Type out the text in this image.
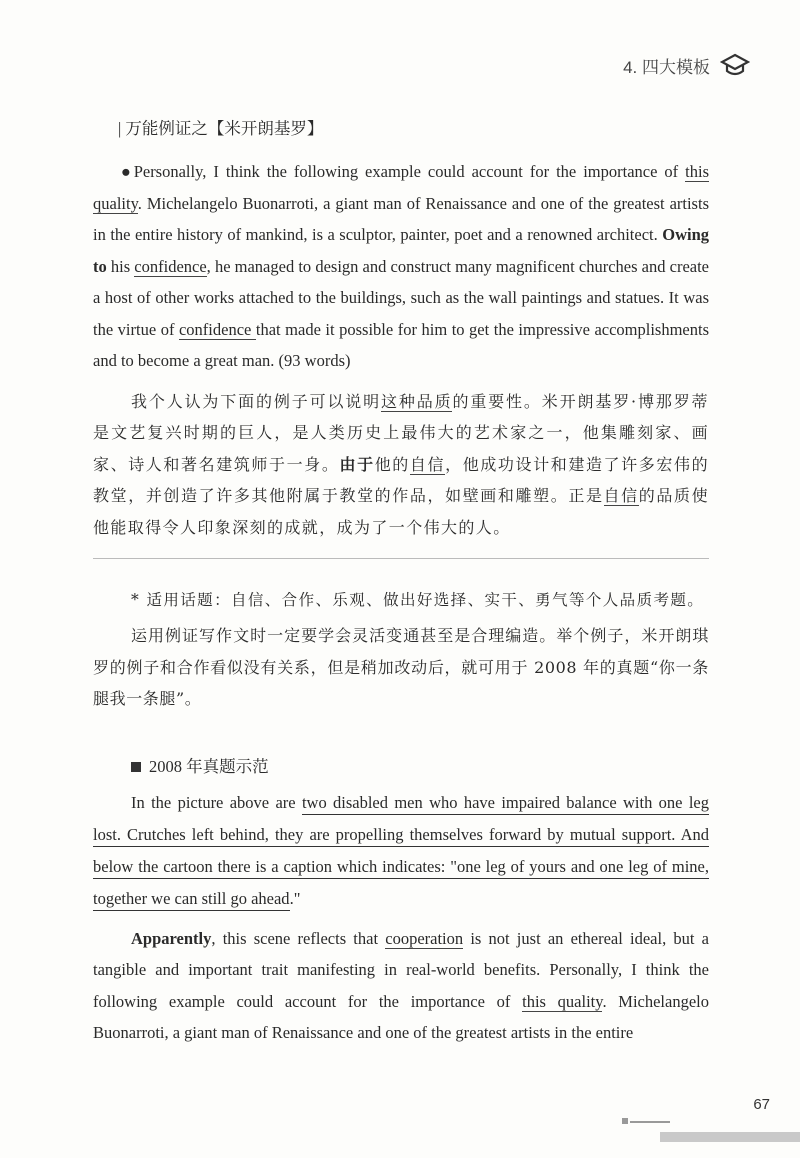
4. 四大模板
| 万能例证之【米开朗基罗】

●Personally, I think the following example could account for the importance of this quality. Michelangelo Buonarroti, a giant man of Renaissance and one of the greatest artists in the entire history of mankind, is a sculptor, painter, poet and a renowned architect. Owing to his confidence, he managed to design and construct many magnificent churches and create a host of other works attached to the buildings, such as the wall paintings and statues. It was the virtue of confidence that made it possible for him to get the impressive accomplishments and to become a great man. (93 words)

我个人认为下面的例子可以说明这种品质的重要性。米开朗基罗·博那罗蒂是文艺复兴时期的巨人，是人类历史上最伟大的艺术家之一，他集雕刻家、画家、诗人和著名建筑师于一身。由于他的自信，他成功设计和建造了许多宏伟的教堂，并创造了许多其他附属于教堂的作品，如壁画和雕塑。正是自信的品质使他能取得令人印象深刻的成就，成为了一个伟大的人。

* 适用话题：自信、合作、乐观、做出好选择、实干、勇气等个人品质考题。

运用例证写作文时一定要学会灵活变通甚至是合理编造。举个例子，米开朗琪罗的例子和合作看似没有关系，但是稍加改动后，就可用于 2008 年的真题“你一条腿我一条腿”。

2008 年真题示范

In the picture above are two disabled men who have impaired balance with one leg lost. Crutches left behind, they are propelling themselves forward by mutual support. And below the cartoon there is a caption which indicates: "one leg of yours and one leg of mine, together we can still go ahead."

Apparently, this scene reflects that cooperation is not just an ethereal ideal, but a tangible and important trait manifesting in real-world benefits. Personally, I think the following example could account for the importance of this quality. Michelangelo Buonarroti, a giant man of Renaissance and one of the greatest artists in the entire

67
